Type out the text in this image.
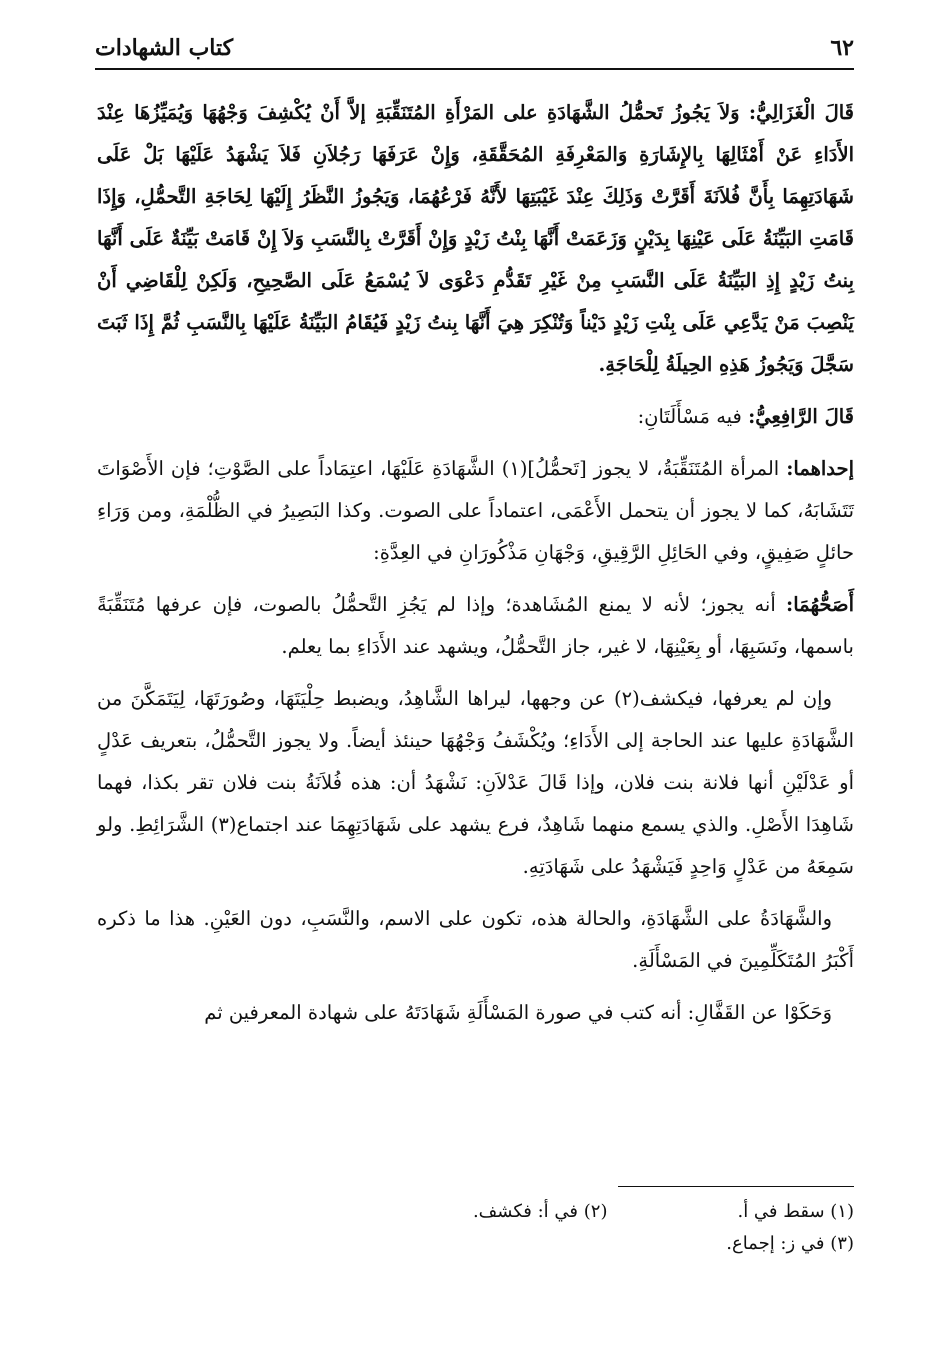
٦٢
كتاب الشهادات

قَالَ الْغَزَالِيُّ: وَلاَ يَجُوزُ تَحمُّلُ الشَّهَادَةِ على المَرْأَةِ المُتَنَقِّبَةِ إلاَّ أَنْ يُكْشِفَ وَجْهُهَا وَيُمَيِّزُهَا عِنْدَ الأَدَاءِ عَنْ أَمْثَالِهَا بِالإِشَارَةِ وَالمَعْرِفَةِ المُحَقَّقَةِ، وَإِنْ عَرَفَهَا رَجُلاَنِ فَلاَ يَشْهَدُ عَلَيْهَا بَلْ عَلَى شَهَادَتِهِمَا بِأَنَّ فُلاَنَةَ أَقَرَّتْ وَذَلِكَ عِنْدَ غَيْبَتِهَا لأَنَّهُ فَرْعُهُمَا، وَيَجُوزُ النَّظَرُ إِلَيْهَا لِحَاجَةِ التَّحمُّلِ، وَإِذَا قَامَتِ البَيِّنَةُ عَلَى عَيْنِهَا بِدَيْنٍ وَزَعَمَتْ أَنَّهَا بِنْتُ زَيْدٍ وَإِنْ أَقَرَّتْ بِالنَّسَبِ وَلاَ إِنْ قَامَتْ بَيِّنَةٌ عَلَى أَنَّهَا بِنتُ زَيْدٍ إِذِ البَيِّنَةُ عَلَى النَّسَبِ مِنْ غَيْرِ تَقَدُّمِ دَعْوَى لاَ يُسْمَعُ عَلَى الصَّحِيحِ، وَلَكِنْ لِلْقَاضِي أَنْ يَنْصِبَ مَنْ يَدَّعِي عَلَى بِنْتِ زَيْدٍ دَيْناً وَتُنْكِرَ هِيَ أَنَّهَا بِنتُ زَيْدٍ فَيُقَامُ البَيِّنَةُ عَلَيْهَا بِالنَّسَبِ ثُمَّ إِذَا ثَبَتَ سَجَّلَ وَيَجُوزُ هَذِهِ الحِيلَةُ لِلْحَاجَةِ.

قَالَ الرَّافِعِيُّ: فيه مَسْأَلَتَانِ:

إحداهما: المرأة المُتَنَقِّبَةُ، لا يجوز [تَحمُّلُ](١) الشَّهَادَةِ عَلَيْهَا، اعتِمَاداً على الصَّوْتِ؛ فإن الأَصْوَاتَ تَتَشَابَهُ، كما لا يجوز أن يتحمل الأَعْمَى، اعتماداً على الصوت. وكذا البَصِيرُ في الظُّلْمَةِ، ومن وَرَاءِ حائلٍ صَفِيقٍ، وفي الحَائِلِ الرَّقِيقِ، وَجْهَانِ مَذْكُورَانِ في العِدَّةِ:

أَصَحُّهُمَا: أنه يجوز؛ لأنه لا يمنع المُشَاهدة؛ وإذا لم يَجُزِ التَّحمُّلُ بالصوت، فإن عرفها مُتَنَقِّبَةً باسمها، ونَسَبِهَا، أو بِعَيْنِهَا، لا غير، جاز التَّحمُّلُ، ويشهد عند الأَدَاءِ بما يعلم.

وإن لم يعرفها، فيكشف(٢) عن وجهها، ليراها الشَّاهِدُ، ويضبط حِلْيَتَهَا، وصُورَتَهَا، لِيَتَمَكَّنَ من الشَّهَادَةِ عليها عند الحاجة إلى الأَدَاءِ؛ ويُكْشَفُ وَجْهُهَا حينئذ أيضاً. ولا يجوز التَّحمُّلُ، بتعريف عَدْلٍ أو عَدْلَيْنِ أنها فلانة بنت فلان، وإذا قَالَ عَدْلاَنِ: نَشْهَدُ أن: هذه فُلاَنَةُ بنت فلان تقر بكذا، فهما شَاهِدَا الأَصْلِ. والذي يسمع منهما شَاهِدٌ، فرع يشهد على شَهَادَتِهِمَا عند اجتماع(٣) الشَّرَائِطِ. ولو سَمِعَهُ من عَدْلٍ وَاحِدٍ فَيَشْهَدُ على شَهَادَتِهِ.

والشَّهَادَةُ على الشَّهَادَةِ، والحالة هذه، تكون على الاسم، والنَّسَبِ، دون العَيْنِ. هذا ما ذكره أَكْبَرُ المُتَكَلِّمِينَ في المَسْأَلَةِ.

وَحَكَوْا عن القَفَّالِ: أنه كتب في صورة المَسْأَلَةِ شَهَادَتَهُ على شهادة المعرفين ثم

(١) سقط في أ.
(٢) في أ: فكشف.
(٣) في ز: إجماع.
